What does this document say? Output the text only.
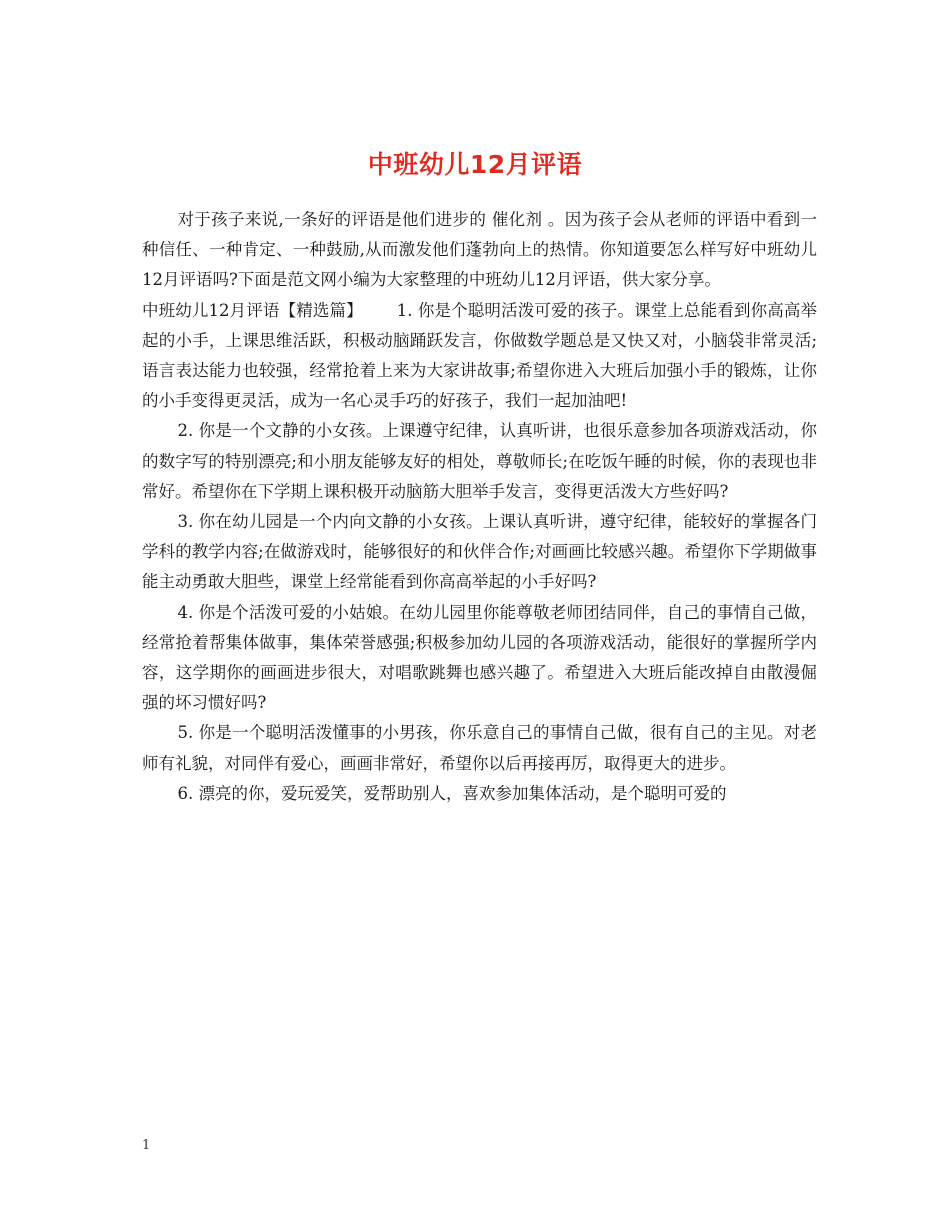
中班幼儿12月评语

对于孩子来说,一条好的评语是他们进步的 催化剂 。因为孩子会从老师的评语中看到一种信任、一种肯定、一种鼓励,从而激发他们蓬勃向上的热情。你知道要怎么样写好中班幼儿12月评语吗?下面是范文网小编为大家整理的中班幼儿12月评语，供大家分享。

中班幼儿12月评语【精选篇】 1. 你是个聪明活泼可爱的孩子。课堂上总能看到你高高举起的小手，上课思维活跃，积极动脑踊跃发言，你做数学题总是又快又对，小脑袋非常灵活;语言表达能力也较强，经常抢着上来为大家讲故事;希望你进入大班后加强小手的锻炼，让你的小手变得更灵活，成为一名心灵手巧的好孩子，我们一起加油吧!

2. 你是一个文静的小女孩。上课遵守纪律，认真听讲，也很乐意参加各项游戏活动，你的数字写的特别漂亮;和小朋友能够友好的相处，尊敬师长;在吃饭午睡的时候，你的表现也非常好。希望你在下学期上课积极开动脑筋大胆举手发言，变得更活泼大方些好吗?

3. 你在幼儿园是一个内向文静的小女孩。上课认真听讲，遵守纪律，能较好的掌握各门学科的教学内容;在做游戏时，能够很好的和伙伴合作;对画画比较感兴趣。希望你下学期做事能主动勇敢大胆些，课堂上经常能看到你高高举起的小手好吗?

4. 你是个活泼可爱的小姑娘。在幼儿园里你能尊敬老师团结同伴，自己的事情自己做，经常抢着帮集体做事，集体荣誉感强;积极参加幼儿园的各项游戏活动，能很好的掌握所学内容，这学期你的画画进步很大，对唱歌跳舞也感兴趣了。希望进入大班后能改掉自由散漫倔强的坏习惯好吗?

5. 你是一个聪明活泼懂事的小男孩，你乐意自己的事情自己做，很有自己的主见。对老师有礼貌，对同伴有爱心，画画非常好，希望你以后再接再厉，取得更大的进步。

6. 漂亮的你，爱玩爱笑，爱帮助别人，喜欢参加集体活动，是个聪明可爱的

1
